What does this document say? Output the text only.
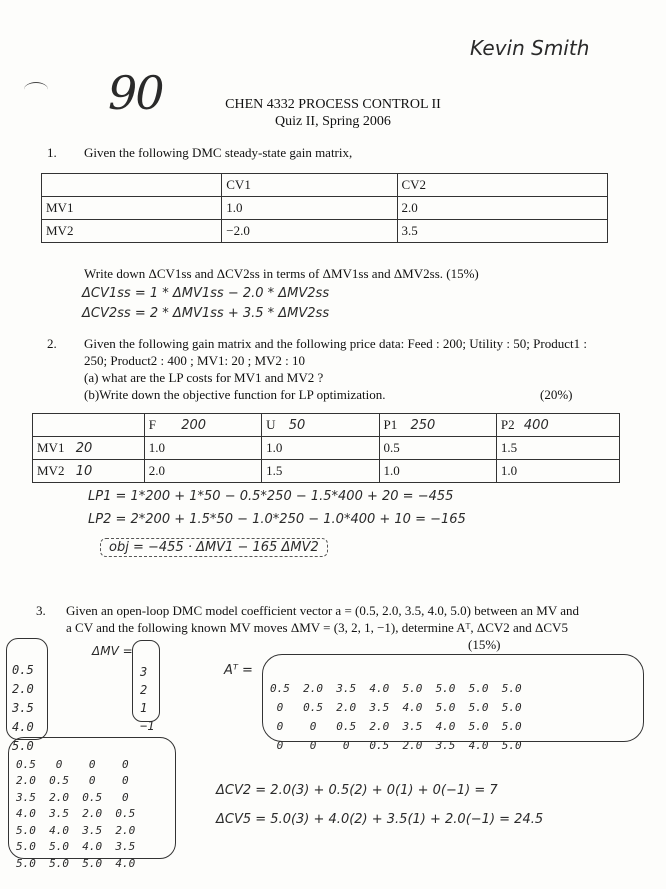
Kevin Smith
90	CHEN 4332 PROCESS CONTROL II
Quiz II, Spring 2006
1. Given the following DMC steady-state gain matrix,
	CV1	CV2
MV1	1.0	2.0
MV2	−2.0	3.5
Write down ΔCV1ss and ΔCV2ss in terms of ΔMV1ss and ΔMV2ss. (15%)
ΔCV1ss = 1 * ΔMV1ss − 2.0 * ΔMV2ss
ΔCV2ss = 2 * ΔMV1ss + 3.5 * ΔMV2ss
2. Given the following gain matrix and the following price data: Feed : 200; Utility : 50; Product1 :
250; Product2 : 400 ; MV1: 20 ; MV2 : 10
(a) what are the LP costs for MV1 and MV2 ?
(b)Write down the objective function for LP optimization.	(20%)
	F 200	U 50	P1 250	P2 400
MV1 20	1.0	1.0	0.5	1.5
MV2 10	2.0	1.5	1.0	1.0
LP1 = 1*200 + 1*50 − 0.5*250 − 1.5*400 + 20 = −455
LP2 = 2*200 + 1.5*50 − 1.0*250 − 1.0*400 + 10 = −165
obj = −455 · ΔMV1 − 165 ΔMV2
3. Given an open-loop DMC model coefficient vector a = (0.5, 2.0, 3.5, 4.0, 5.0) between an MV and
a CV and the following known MV moves ΔMV = (3, 2, 1, −1), determine Aᵀ, ΔCV2 and ΔCV5
(15%)

0.5
2.0
3.5
4.0
5.0

ΔMV =

3
2
1
−1

Aᵀ =

0.5  2.0  3.5  4.0  5.0  5.0  5.0  5.0
0   0.5  2.0  3.5  4.0  5.0  5.0  5.0
0    0   0.5  2.0  3.5  4.0  5.0  5.0
0    0    0   0.5  2.0  3.5  4.0  5.0

0.5   0    0    0
2.0  0.5   0    0
3.5  2.0  0.5   0
4.0  3.5  2.0  0.5
5.0  4.0  3.5  2.0
5.0  5.0  4.0  3.5
5.0  5.0  5.0  4.0

ΔCV2 = 2.0(3) + 0.5(2) + 0(1) + 0(−1) = 7
ΔCV5 = 5.0(3) + 4.0(2) + 3.5(1) + 2.0(−1) = 24.5
